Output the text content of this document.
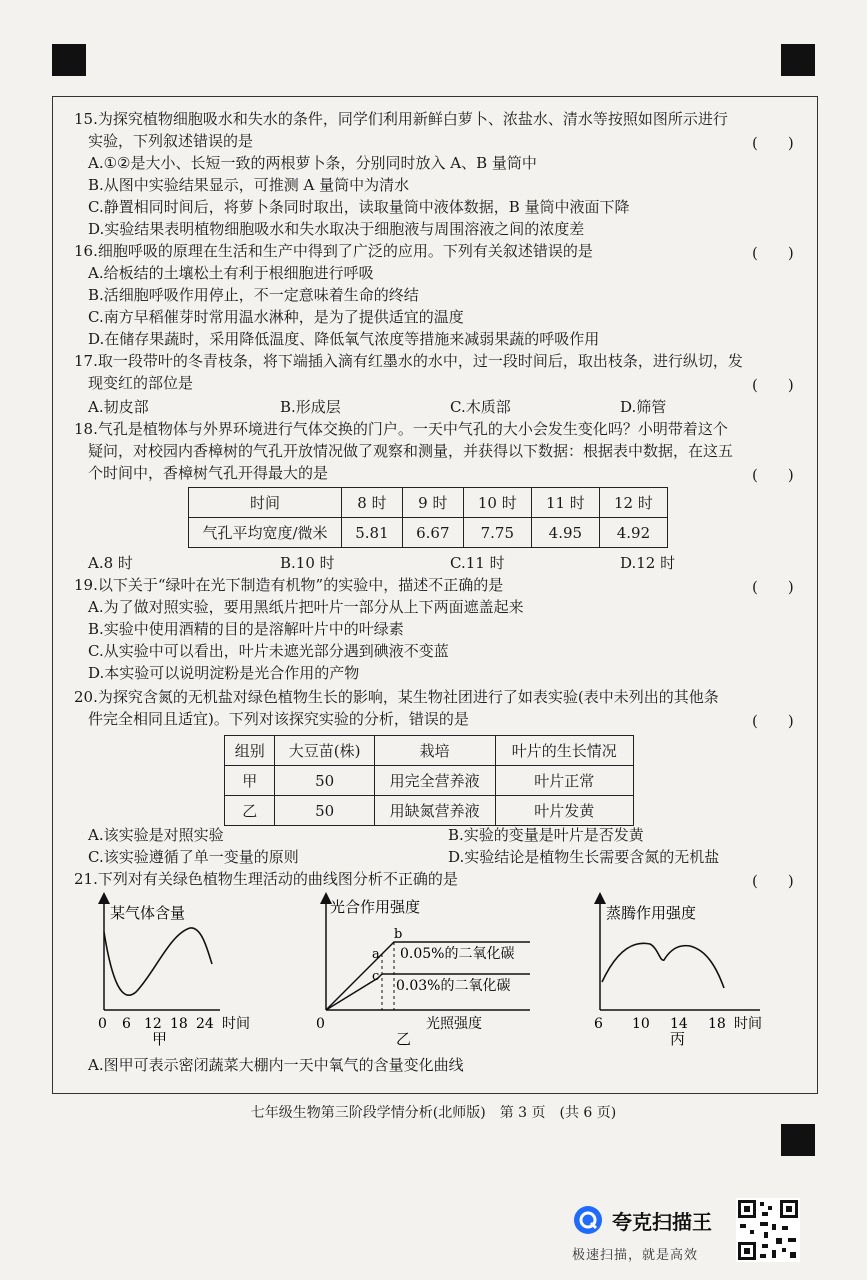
15.为探究植物细胞吸水和失水的条件，同学们利用新鲜白萝卜、浓盐水、清水等按照如图所示进行
实验，下列叙述错误的是	(　　)
A.①②是大小、长短一致的两根萝卜条，分别同时放入 A、B 量筒中
B.从图中实验结果显示，可推测 A 量筒中为清水
C.静置相同时间后，将萝卜条同时取出，读取量筒中液体数据，B 量筒中液面下降
D.实验结果表明植物细胞吸水和失水取决于细胞液与周围溶液之间的浓度差
16.细胞呼吸的原理在生活和生产中得到了广泛的应用。下列有关叙述错误的是	(　　)
A.给板结的土壤松土有利于根细胞进行呼吸
B.活细胞呼吸作用停止，不一定意味着生命的终结
C.南方早稻催芽时常用温水淋种，是为了提供适宜的温度
D.在储存果蔬时，采用降低温度、降低氧气浓度等措施来减弱果蔬的呼吸作用
17.取一段带叶的冬青枝条，将下端插入滴有红墨水的水中，过一段时间后，取出枝条，进行纵切，发
现变红的部位是	(　　)
A.韧皮部	B.形成层	C.木质部	D.筛管
18.气孔是植物体与外界环境进行气体交换的门户。一天中气孔的大小会发生变化吗？小明带着这个
疑问，对校园内香樟树的气孔开放情况做了观察和测量，并获得以下数据：根据表中数据，在这五
个时间中，香樟树气孔开得最大的是	(　　)
时间	8 时	9 时	10 时	11 时	12 时
气孔平均宽度/微米	5.81	6.67	7.75	4.95	4.92
A.8 时	B.10 时	C.11 时	D.12 时
19.以下关于“绿叶在光下制造有机物”的实验中，描述不正确的是	(　　)
A.为了做对照实验，要用黑纸片把叶片一部分从上下两面遮盖起来
B.实验中使用酒精的目的是溶解叶片中的叶绿素
C.从实验中可以看出，叶片未遮光部分遇到碘液不变蓝
D.本实验可以说明淀粉是光合作用的产物
20.为探究含氮的无机盐对绿色植物生长的影响，某生物社团进行了如表实验(表中未列出的其他条
件完全相同且适宜)。下列对该探究实验的分析，错误的是	(　　)
组别	大豆苗(株)	栽培	叶片的生长情况
甲	50	用完全营养液	叶片正常
乙	50	用缺氮营养液	叶片发黄
A.该实验是对照实验	B.实验的变量是叶片是否发黄
C.该实验遵循了单一变量的原则	D.实验结论是植物生长需要含氮的无机盐
21.下列对有关绿色植物生理活动的曲线图分析不正确的是	(　　)
某气体含量
0 6 12 18 24 时间
甲
光合作用强度
a
b
c
0.05%的二氧化碳
0.03%的二氧化碳
0	光照强度
乙
蒸腾作用强度
6 10 14 18 时间
丙
A.图甲可表示密闭蔬菜大棚内一天中氧气的含量变化曲线
七年级生物第三阶段学情分析(北师版)　第 3 页　(共 6 页)
夸克扫描王
极速扫描，就是高效
